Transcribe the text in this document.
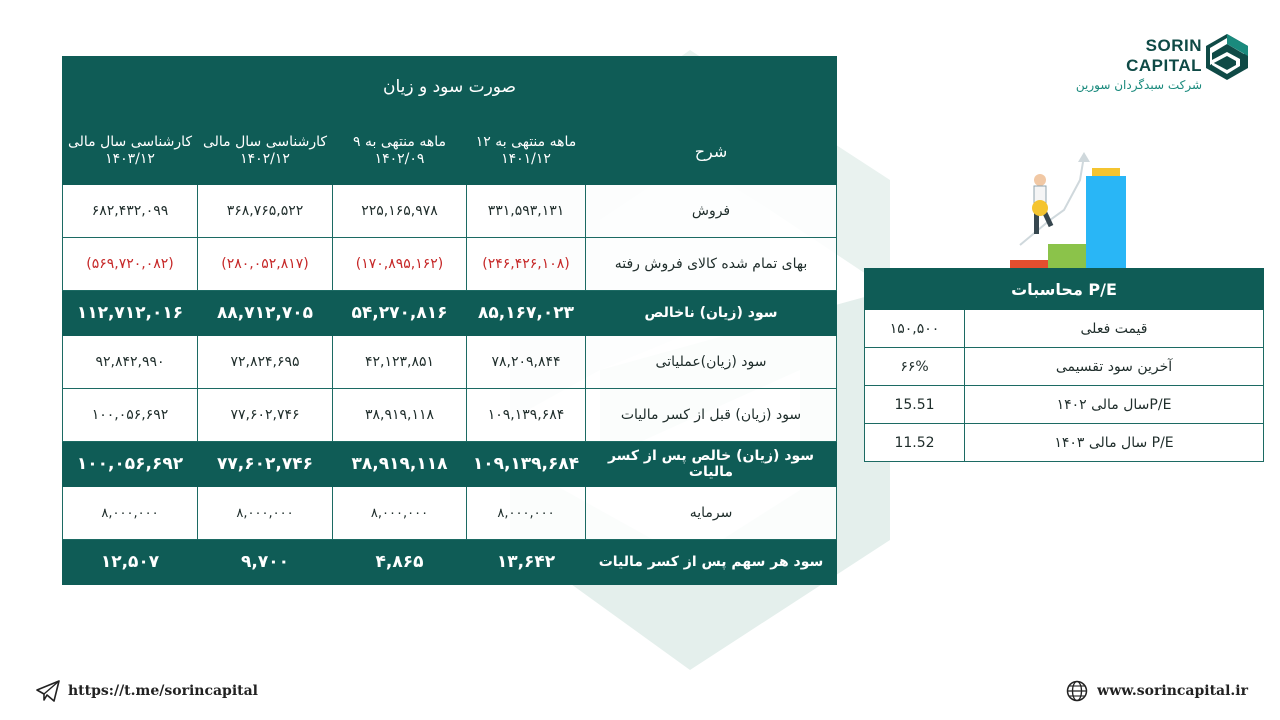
صورت سود و زیان				
کارشناسی سال مالی ۱۴۰۳/۱۲	کارشناسی سال مالی ۱۴۰۲/۱۲	۹ ماهه منتهی به ۱۴۰۲/۰۹	۱۲ ماهه منتهی به ۱۴۰۱/۱۲	شرح
۶۸۲,۴۳۲,۰۹۹	۳۶۸,۷۶۵,۵۲۲	۲۲۵,۱۶۵,۹۷۸	۳۳۱,۵۹۳,۱۳۱	فروش
(۵۶۹,۷۲۰,۰۸۲)	(۲۸۰,۰۵۲,۸۱۷)	(۱۷۰,۸۹۵,۱۶۲)	(۲۴۶,۴۲۶,۱۰۸)	بهای تمام شده کالای فروش رفته
۱۱۲,۷۱۲,۰۱۶	۸۸,۷۱۲,۷۰۵	۵۴,۲۷۰,۸۱۶	۸۵,۱۶۷,۰۲۳	سود (زیان) ناخالص
۹۲,۸۴۲,۹۹۰	۷۲,۸۲۴,۶۹۵	۴۲,۱۲۳,۸۵۱	۷۸,۲۰۹,۸۴۴	سود (زیان)عملیاتی
۱۰۰,۰۵۶,۶۹۲	۷۷,۶۰۲,۷۴۶	۳۸,۹۱۹,۱۱۸	۱۰۹,۱۳۹,۶۸۴	سود (زیان) قبل از کسر مالیات
۱۰۰,۰۵۶,۶۹۲	۷۷,۶۰۲,۷۴۶	۳۸,۹۱۹,۱۱۸	۱۰۹,۱۳۹,۶۸۴	سود (زیان) خالص پس از کسر مالیات
۸,۰۰۰,۰۰۰	۸,۰۰۰,۰۰۰	۸,۰۰۰,۰۰۰	۸,۰۰۰,۰۰۰	سرمایه
۱۲,۵۰۷	۹,۷۰۰	۴,۸۶۵	۱۳,۶۴۲	سود هر سهم پس از کسر مالیات
SORIN CAPITAL
شرکت سبدگردان سورین
محاسبات P/E	
۱۵۰,۵۰۰	قیمت فعلی
۶۶%	آخرین سود تقسیمی
15.51	P/Eسال مالی ۱۴۰۲
11.52	P/E سال مالی ۱۴۰۳
https://t.me/sorincapital	www.sorincapital.ir
